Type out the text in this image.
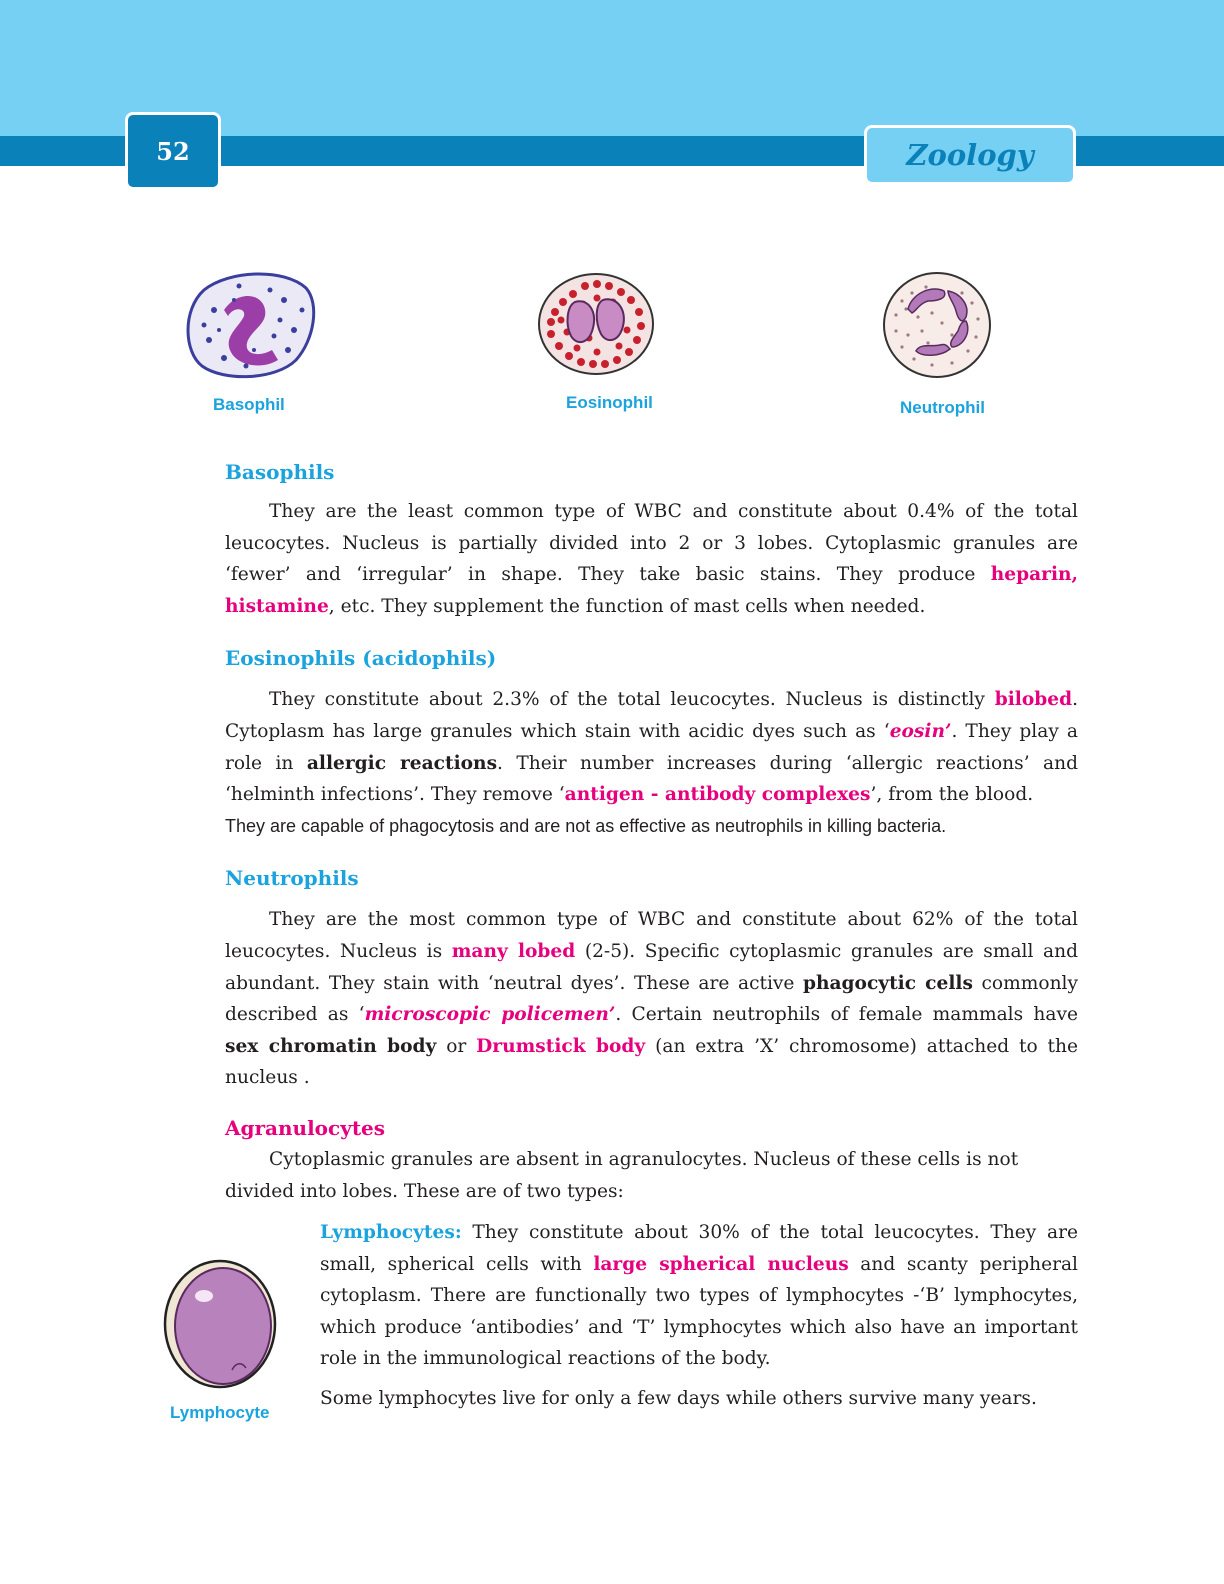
52	Zoology
Basophil	Eosinophil	Neutrophil
Lymphocyte
Basophils

They are the least common type of WBC and constitute about 0.4% of the total leucocytes. Nucleus is partially divided into 2 or 3 lobes. Cytoplasmic granules are ‘fewer’ and ‘irregular’ in shape. They take basic stains. They produce heparin, histamine, etc. They supplement the function of mast cells when needed.

Eosinophils (acidophils)

They constitute about 2.3% of the total leucocytes. Nucleus is distinctly bilobed. Cytoplasm has large granules which stain with acidic dyes such as ‘eosin’. They play a role in allergic reactions. Their number increases during ‘allergic reactions’ and ‘helminth infections’. They remove ‘antigen - antibody complexes’, from the blood.

They are capable of phagocytosis and are not as effective as neutrophils in killing bacteria.

Neutrophils

They are the most common type of WBC and constitute about 62% of the total leucocytes. Nucleus is many lobed (2-5). Specific cytoplasmic granules are small and abundant. They stain with ‘neutral dyes’. These are active phagocytic cells commonly described as ‘microscopic policemen’. Certain neutrophils of female mammals have sex chromatin body or Drumstick body (an extra ’X’ chromosome) attached to the nucleus .

Agranulocytes

Cytoplasmic granules are absent in agranulocytes. Nucleus of these cells is not divided into lobes. These are of two types:

Lymphocytes: They constitute about 30% of the total leucocytes. They are small, spherical cells with large spherical nucleus and scanty peripheral cytoplasm. There are functionally two types of lymphocytes -‘B’ lymphocytes, which produce ‘antibodies’ and ‘T’ lymphocytes which also have an important role in the immunological reactions of the body.

Some lymphocytes live for only a few days while others survive many years.
